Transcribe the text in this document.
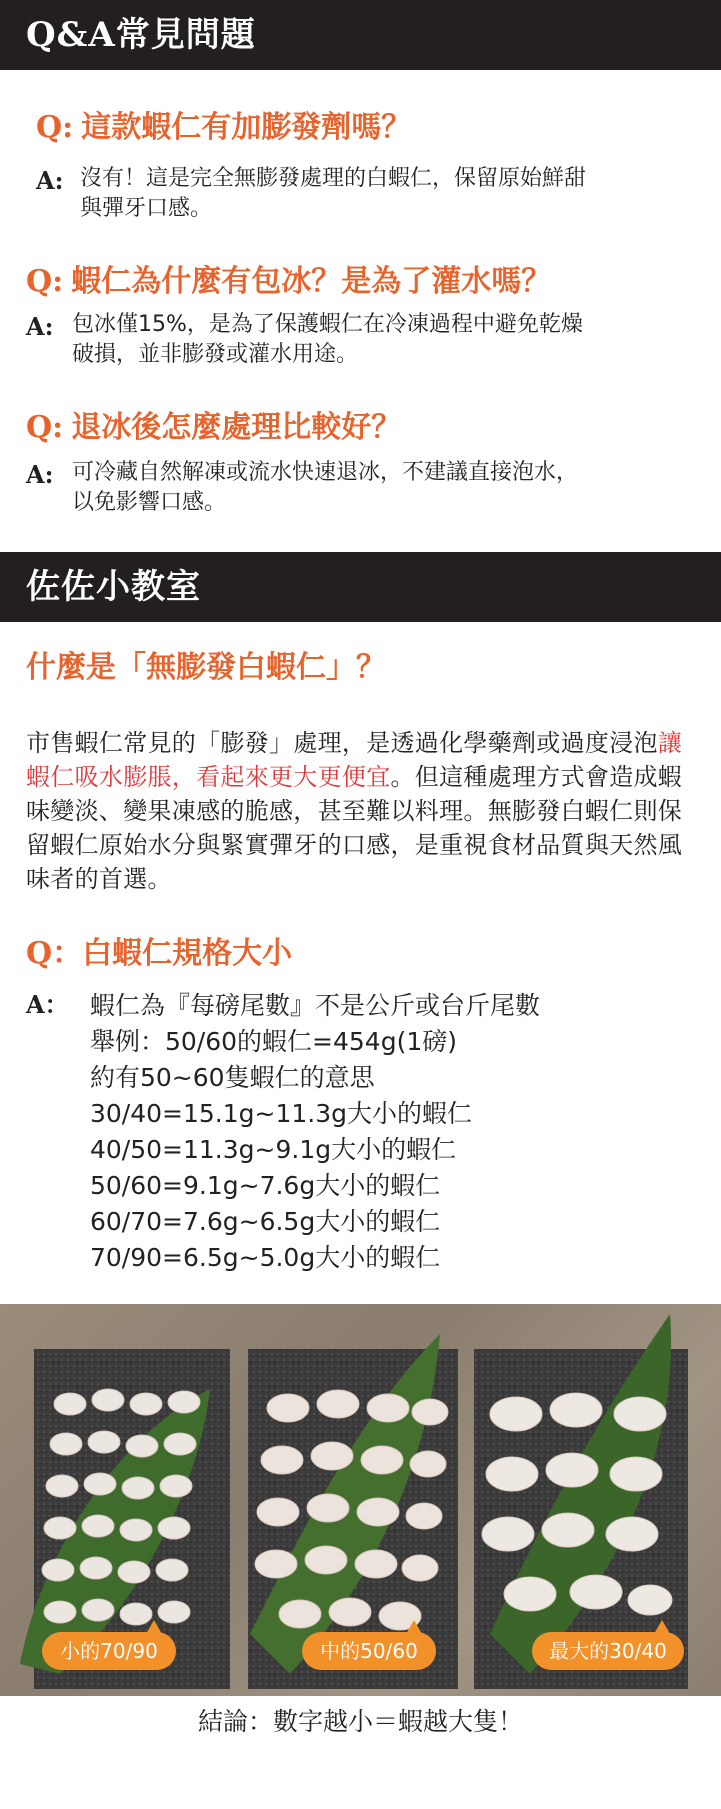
Q&A常見問題
Q: 這款蝦仁有加膨發劑嗎？
A: 沒有！這是完全無膨發處理的白蝦仁，保留原始鮮甜
與彈牙口感。
Q: 蝦仁為什麼有包冰？是為了灌水嗎？
A: 包冰僅15%，是為了保護蝦仁在冷凍過程中避免乾燥
破損，並非膨發或灌水用途。
Q: 退冰後怎麼處理比較好？
A: 可冷藏自然解凍或流水快速退冰，不建議直接泡水，
以免影響口感。
佐佐小教室
什麼是「無膨發白蝦仁」？
市售蝦仁常見的「膨發」處理，是透過化學藥劑或過度浸泡讓蝦仁吸水膨脹，看起來更大更便宜。但這種處理方式會造成蝦味變淡、變果凍感的脆感，甚至難以料理。無膨發白蝦仁則保留蝦仁原始水分與緊實彈牙的口感，是重視食材品質與天然風味者的首選。
Q：白蝦仁規格大小
A： 蝦仁為『每磅尾數』不是公斤或台斤尾數
舉例：50/60的蝦仁=454g(1磅)
約有50~60隻蝦仁的意思
30/40=15.1g~11.3g大小的蝦仁
40/50=11.3g~9.1g大小的蝦仁
50/60=9.1g~7.6g大小的蝦仁
60/70=7.6g~6.5g大小的蝦仁
70/90=6.5g~5.0g大小的蝦仁
小的70/90	中的50/60	最大的30/40
結論：數字越小＝蝦越大隻！
